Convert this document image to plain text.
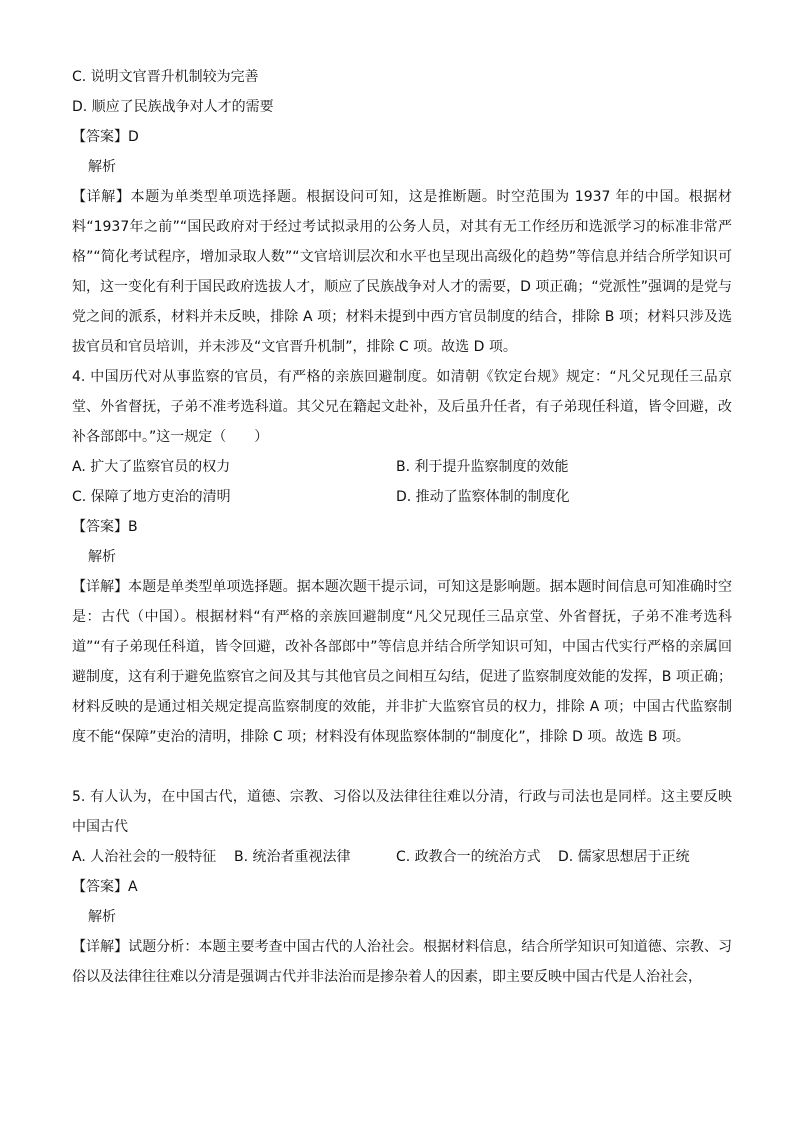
C. 说明文官晋升机制较为完善
D. 顺应了民族战争对人才的需要
【答案】D
解析
【详解】本题为单类型单项选择题。根据设问可知，这是推断题。时空范围为 1937 年的中国。根据材料“1937年之前”“国民政府对于经过考试拟录用的公务人员，对其有无工作经历和选派学习的标准非常严格”“简化考试程序，增加录取人数”“文官培训层次和水平也呈现出高级化的趋势”等信息并结合所学知识可知，这一变化有利于国民政府选拔人才，顺应了民族战争对人才的需要，D 项正确；“党派性”强调的是党与党之间的派系，材料并未反映，排除 A 项；材料未提到中西方官员制度的结合，排除 B 项；材料只涉及选拔官员和官员培训，并未涉及“文官晋升机制”，排除 C 项。故选 D 项。
4. 中国历代对从事监察的官员，有严格的亲族回避制度。如清朝《钦定台规》规定：“凡父兄现任三品京堂、外省督抚，子弟不准考选科道。其父兄在籍起文赴补，及后虽升任者，有子弟现任科道，皆令回避，改补各部郎中。”这一规定（　　）
A. 扩大了监察官员的权力	B. 利于提升监察制度的效能
C. 保障了地方吏治的清明	D. 推动了监察体制的制度化
【答案】B
解析
【详解】本题是单类型单项选择题。据本题次题干提示词，可知这是影响题。据本题时间信息可知准确时空是：古代（中国）。根据材料“有严格的亲族回避制度“凡父兄现任三品京堂、外省督抚，子弟不准考选科道”“有子弟现任科道，皆令回避，改补各部郎中”等信息并结合所学知识可知，中国古代实行严格的亲属回避制度，这有利于避免监察官之间及其与其他官员之间相互勾结，促进了监察制度效能的发挥，B 项正确；材料反映的是通过相关规定提高监察制度的效能，并非扩大监察官员的权力，排除 A 项；中国古代监察制度不能“保障”吏治的清明，排除 C 项；材料没有体现监察体制的“制度化”，排除 D 项。故选 B 项。
5. 有人认为，在中国古代，道德、宗教、习俗以及法律往往难以分清，行政与司法也是同样。这主要反映中国古代
A. 人治社会的一般特征	B. 统治者重视法律	C. 政教合一的统治方式	D. 儒家思想居于正统
【答案】A
解析
【详解】试题分析：本题主要考查中国古代的人治社会。根据材料信息，结合所学知识可知道德、宗教、习俗以及法律往往难以分清是强调古代并非法治而是掺杂着人的因素，即主要反映中国古代是人治社会，
